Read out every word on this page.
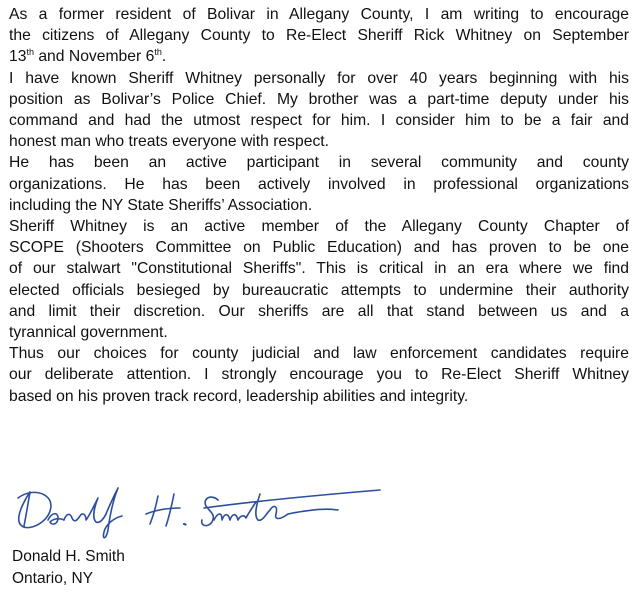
As a former resident of Bolivar in Allegany County, I am writing to encourage
the citizens of Allegany County to Re-Elect Sheriff Rick Whitney on September
13th and November 6th.
I have known Sheriff Whitney personally for over 40 years beginning with his
position as Bolivar’s Police Chief. My brother was a part-time deputy under his
command and had the utmost respect for him. I consider him to be a fair and
honest man who treats everyone with respect.
He has been an active participant in several community and county
organizations. He has been actively involved in professional organizations
including the NY State Sheriffs’ Association.
Sheriff Whitney is an active member of the Allegany County Chapter of
SCOPE (Shooters Committee on Public Education) and has proven to be one
of our stalwart "Constitutional Sheriffs". This is critical in an era where we find
elected officials besieged by bureaucratic attempts to undermine their authority
and limit their discretion. Our sheriffs are all that stand between us and a
tyrannical government.
Thus our choices for county judicial and law enforcement candidates require
our deliberate attention. I strongly encourage you to Re-Elect Sheriff Whitney
based on his proven track record, leadership abilities and integrity.
Donald H. Smith
Ontario, NY
